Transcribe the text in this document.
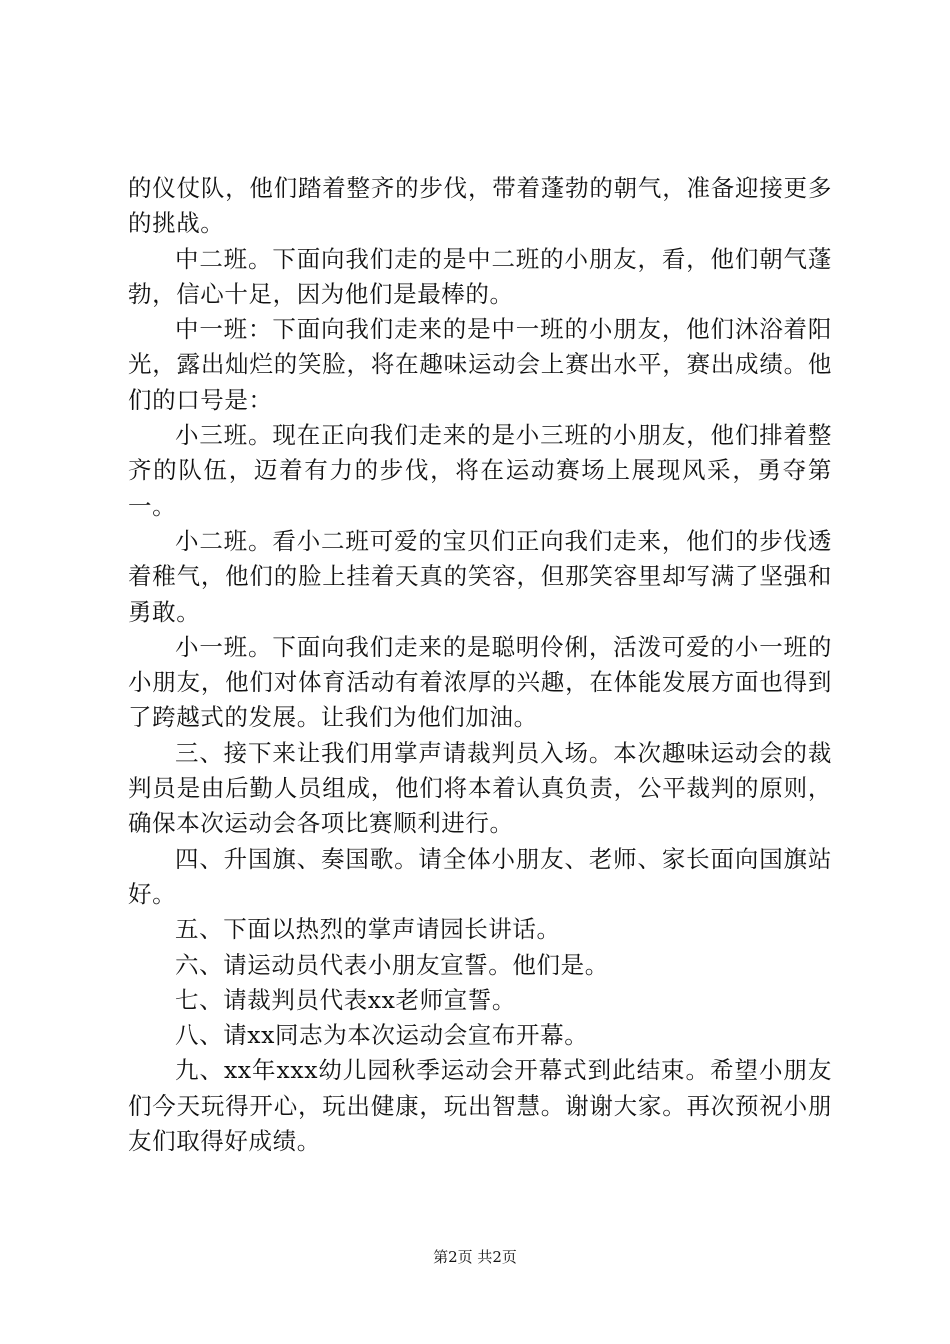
的仪仗队，他们踏着整齐的步伐，带着蓬勃的朝气，准备迎接更多的挑战。

中二班。下面向我们走的是中二班的小朋友，看，他们朝气蓬勃，信心十足，因为他们是最棒的。

中一班：下面向我们走来的是中一班的小朋友，他们沐浴着阳光，露出灿烂的笑脸，将在趣味运动会上赛出水平，赛出成绩。他们的口号是：

小三班。现在正向我们走来的是小三班的小朋友，他们排着整齐的队伍，迈着有力的步伐，将在运动赛场上展现风采，勇夺第一。

小二班。看小二班可爱的宝贝们正向我们走来，他们的步伐透着稚气，他们的脸上挂着天真的笑容，但那笑容里却写满了坚强和勇敢。

小一班。下面向我们走来的是聪明伶俐，活泼可爱的小一班的小朋友，他们对体育活动有着浓厚的兴趣，在体能发展方面也得到了跨越式的发展。让我们为他们加油。

三、接下来让我们用掌声请裁判员入场。本次趣味运动会的裁判员是由后勤人员组成，他们将本着认真负责，公平裁判的原则，确保本次运动会各项比赛顺利进行。

四、升国旗、奏国歌。请全体小朋友、老师、家长面向国旗站好。

五、下面以热烈的掌声请园长讲话。

六、请运动员代表小朋友宣誓。他们是。

七、请裁判员代表xx老师宣誓。

八、请xx同志为本次运动会宣布开幕。

九、xx年xxx幼儿园秋季运动会开幕式到此结束。希望小朋友们今天玩得开心，玩出健康，玩出智慧。谢谢大家。再次预祝小朋友们取得好成绩。

第2页 共2页
